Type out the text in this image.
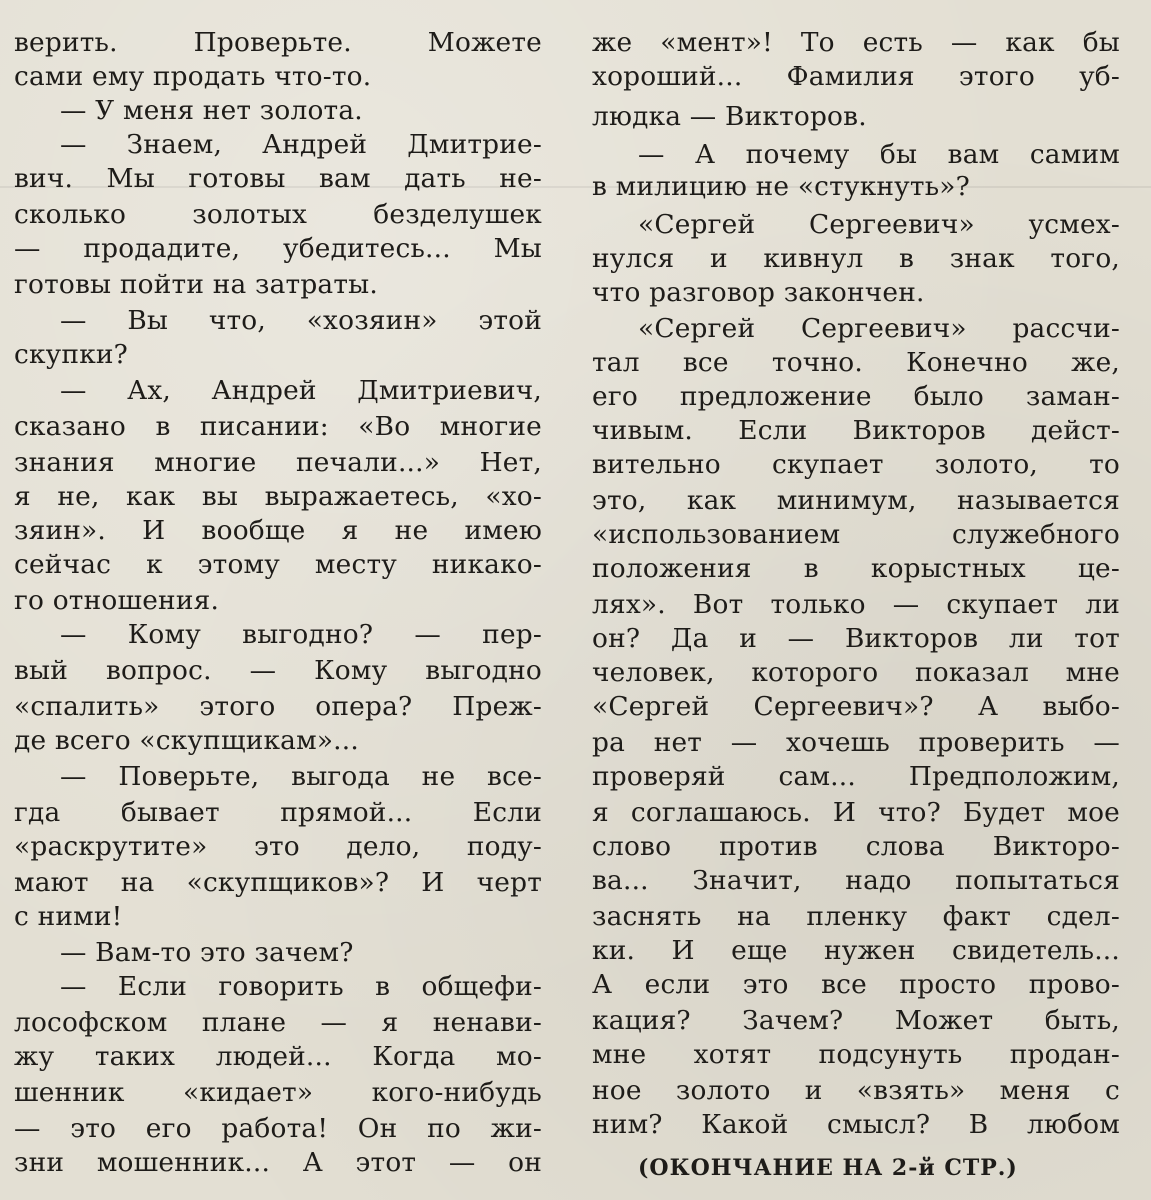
верить. Проверьте. Можете
сами ему продать что-то.
— У меня нет золота.
— Знаем, Андрей Дмитрие-
вич. Мы готовы вам дать не-
сколько золотых безделушек
— продадите, убедитесь... Мы
готовы пойти на затраты.
— Вы что, «хозяин» этой
скупки?
— Ах, Андрей Дмитриевич,
сказано в писании: «Во многие
знания многие печали...» Нет,
я не, как вы выражаетесь, «хо-
зяин». И вообще я не имею
сейчас к этому месту никако-
го отношения.
— Кому выгодно? — пер-
вый вопрос. — Кому выгодно
«спалить» этого опера? Преж-
де всего «скупщикам»...
— Поверьте, выгода не все-
гда бывает прямой... Если
«раскрутите» это дело, поду-
мают на «скупщиков»? И черт
с ними!
— Вам-то это зачем?
— Если говорить в общефи-
лософском плане — я ненави-
жу таких людей... Когда мо-
шенник «кидает» кого-нибудь
— это его работа! Он по жи-
зни мошенник... А этот — он
же «мент»! То есть — как бы
хороший... Фамилия этого уб-
людка — Викторов.
— А почему бы вам самим
в милицию не «стукнуть»?
«Сергей Сергеевич» усмех-
нулся и кивнул в знак того,
что разговор закончен.
«Сергей Сергеевич» рассчи-
тал все точно. Конечно же,
его предложение было заман-
чивым. Если Викторов дейст-
вительно скупает золото, то
это, как минимум, называется
«использованием служебного
положения в корыстных це-
лях». Вот только — скупает ли
он? Да и — Викторов ли тот
человек, которого показал мне
«Сергей Сергеевич»? А выбо-
ра нет — хочешь проверить —
проверяй сам... Предположим,
я соглашаюсь. И что? Будет мое
слово против слова Викторо-
ва... Значит, надо попытаться
заснять на пленку факт сдел-
ки. И еще нужен свидетель...
А если это все просто прово-
кация? Зачем? Может быть,
мне хотят подсунуть продан-
ное золото и «взять» меня с
ним? Какой смысл? В любом
(ОКОНЧАНИЕ НА 2-й СТР.)
